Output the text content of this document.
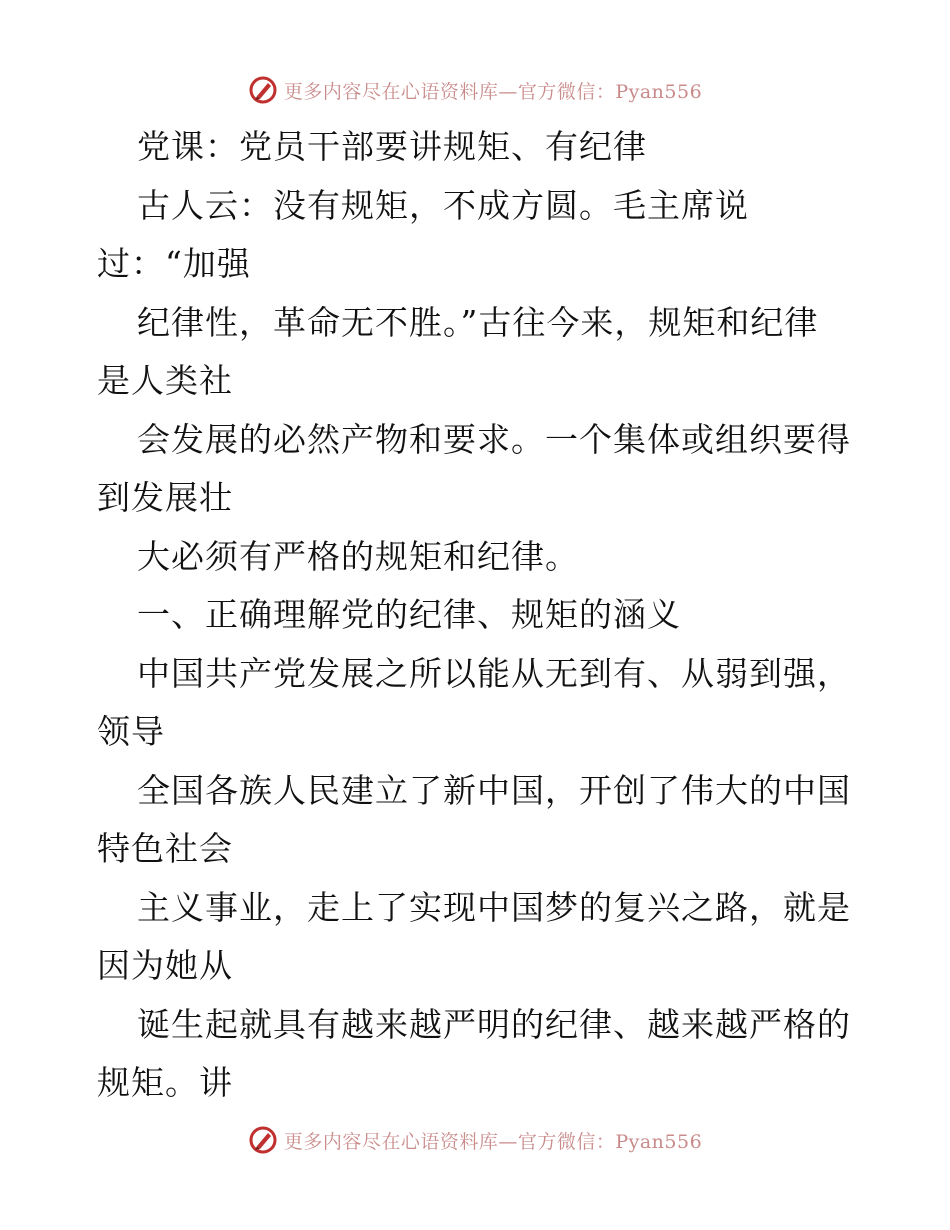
更多内容尽在心语资料库—官方微信：Pyan556
党课：党员干部要讲规矩、有纪律
古人云：没有规矩，不成方圆。毛主席说
过：“加强
纪律性，革命无不胜。”古往今来，规矩和纪律
是人类社
会发展的必然产物和要求。一个集体或组织要得
到发展壮
大必须有严格的规矩和纪律。
一、正确理解党的纪律、规矩的涵义
中国共产党发展之所以能从无到有、从弱到强，
领导
全国各族人民建立了新中国，开创了伟大的中国
特色社会
主义事业，走上了实现中国梦的复兴之路，就是
因为她从
诞生起就具有越来越严明的纪律、越来越严格的
规矩。讲
更多内容尽在心语资料库—官方微信：Pyan556
